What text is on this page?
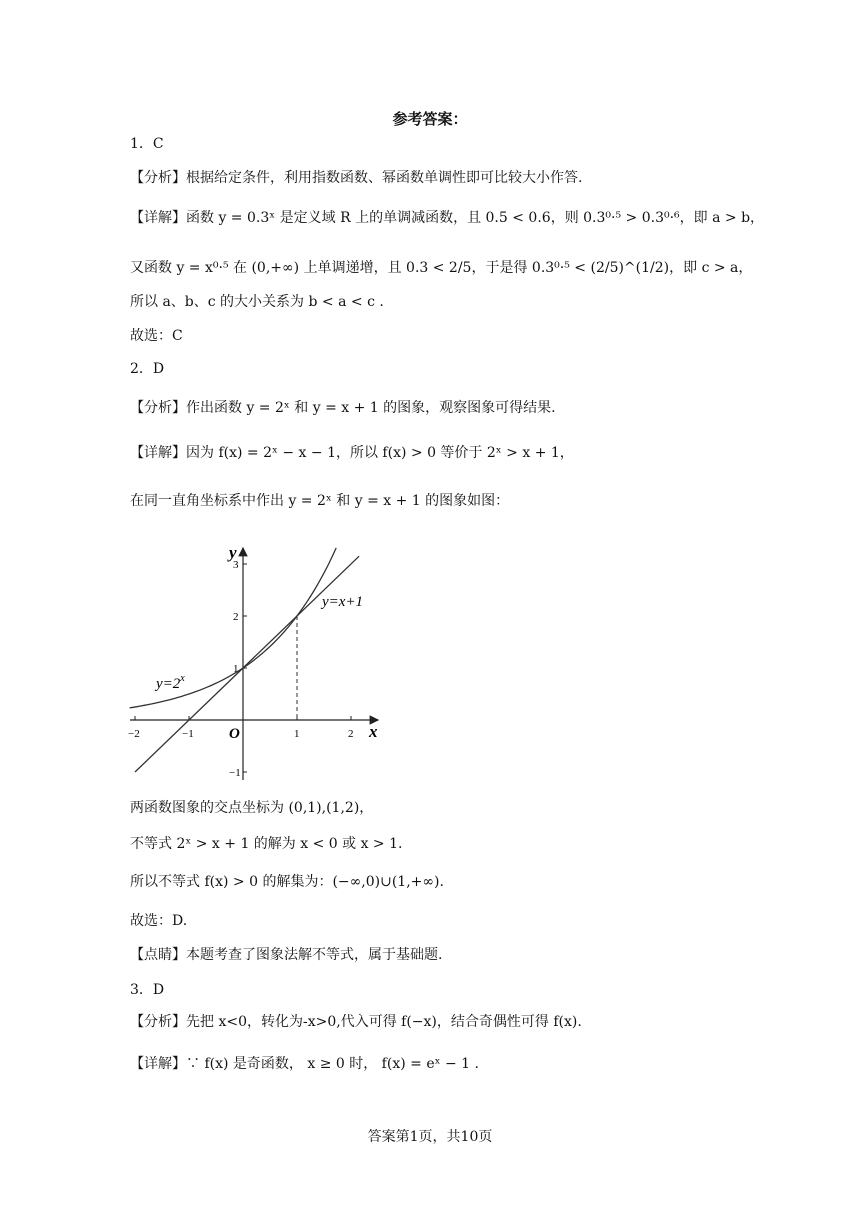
参考答案：
1．C
【分析】根据给定条件，利用指数函数、幂函数单调性即可比较大小作答.
【详解】函数 y = 0.3ˣ 是定义域 R 上的单调减函数，且 0.5 < 0.6，则 0.3⁰·⁵ > 0.3⁰·⁶，即 a > b，
又函数 y = x⁰·⁵ 在 (0,+∞) 上单调递增，且 0.3 < 2/5，于是得 0.3⁰·⁵ < (2/5)^(1/2)，即 c > a，
所以 a、b、c 的大小关系为 b < a < c .
故选：C
2．D
【分析】作出函数 y = 2ˣ 和 y = x + 1 的图象，观察图象可得结果.
【详解】因为 f(x) = 2ˣ − x − 1，所以 f(x) > 0 等价于 2ˣ > x + 1，
在同一直角坐标系中作出 y = 2ˣ 和 y = x + 1 的图象如图：
−2	−1	1	2
−1
1
2
3
x
y
O
$y=2^x$
y=x+1
两函数图象的交点坐标为 (0,1),(1,2)，
不等式 2ˣ > x + 1 的解为 x < 0 或 x > 1.
所以不等式 f(x) > 0 的解集为：(−∞,0)∪(1,+∞).
故选：D.
【点睛】本题考查了图象法解不等式，属于基础题.
3．D
【分析】先把 x<0，转化为-x>0,代入可得 f(−x)，结合奇偶性可得 f(x).
【详解】∵ f(x) 是奇函数， x ≥ 0 时， f(x) = eˣ − 1 .
答案第1页，共10页
